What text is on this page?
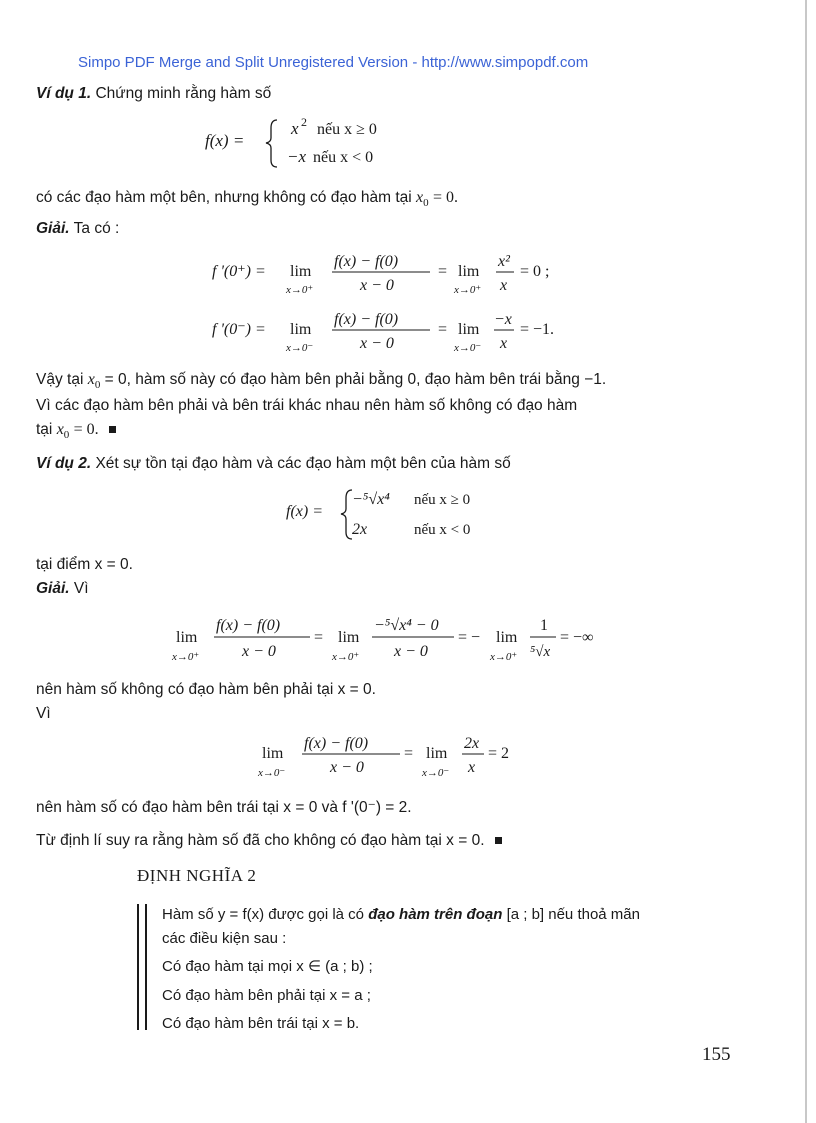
Simpo PDF Merge and Split Unregistered Version - http://www.simpopdf.com
Ví dụ 1. Chứng minh rằng hàm số
f(x) =
x 2 nếu x ≥ 0
−x nếu x < 0
có các đạo hàm một bên, nhưng không có đạo hàm tại $x_0 = 0$.
Giải. Ta có :
f '(0⁺) = lim
x→0⁺
f(x) − f(0)
x − 0
= lim
x→0⁺
x²
x
= 0 ;
f '(0⁻) = lim
x→0⁻
f(x) − f(0)
x − 0
= lim
x→0⁻
−x
x
= −1.
Vậy tại $x_0 = 0$, hàm số này có đạo hàm bên phải bằng 0, đạo hàm bên trái bằng −1.
Vì các đạo hàm bên phải và bên trái khác nhau nên hàm số không có đạo hàm
tại $x_0 = 0$.
Ví dụ 2. Xét sự tồn tại đạo hàm và các đạo hàm một bên của hàm số
f(x) =
−⁵√x⁴ nếu x ≥ 0
2x	nếu x < 0
tại điểm x = 0.
Giải. Vì
lim
x→0⁺
f(x) − f(0)
x − 0
= lim
x→0⁺
−⁵√x⁴ − 0
x − 0
= − lim
x→0⁺
1
⁵√x
= −∞
nên hàm số không có đạo hàm bên phải tại x = 0.
Vì
lim
x→0⁻
f(x) − f(0)
x − 0
= lim
x→0⁻
2x
x
= 2
nên hàm số có đạo hàm bên trái tại x = 0 và f '(0⁻) = 2.
Từ định lí suy ra rằng hàm số đã cho không có đạo hàm tại x = 0.
ĐỊNH NGHĨA 2
Hàm số y = f(x) được gọi là có đạo hàm trên đoạn [a ; b] nếu thoả mãn
các điều kiện sau :
Có đạo hàm tại mọi x ∈ (a ; b) ;
Có đạo hàm bên phải tại x = a ;
Có đạo hàm bên trái tại x = b.
155
